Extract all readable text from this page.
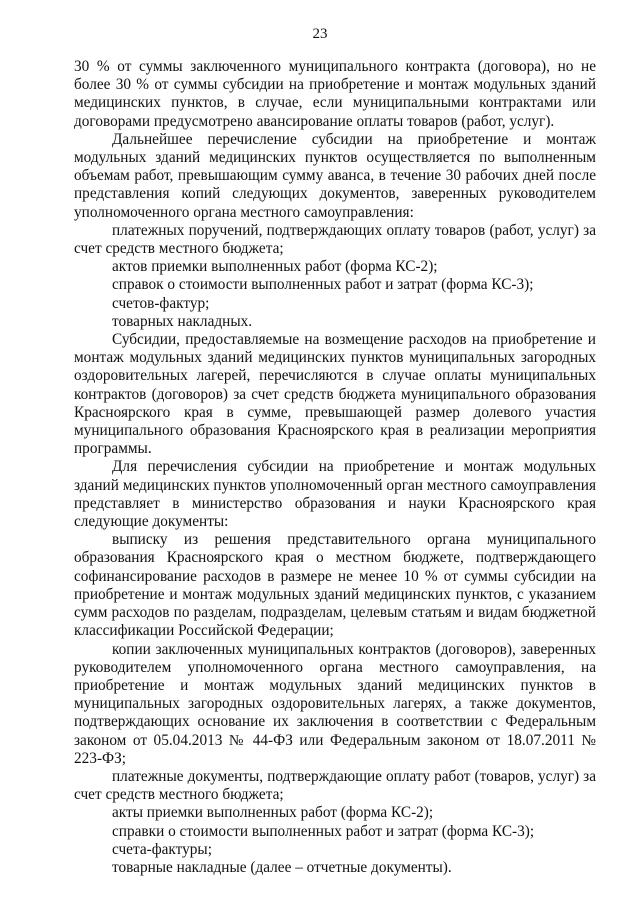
23

30 % от суммы заключенного муниципального контракта (договора), но не более 30 % от суммы субсидии на приобретение и монтаж модульных зданий медицинских пунктов, в случае, если муниципальными контрактами или договорами предусмотрено авансирование оплаты товаров (работ, услуг).

Дальнейшее перечисление субсидии на приобретение и монтаж модульных зданий медицинских пунктов осуществляется по выполненным объемам работ, превышающим сумму аванса, в течение 30 рабочих дней после представления копий следующих документов, заверенных руководителем уполномоченного органа местного самоуправления:

платежных поручений, подтверждающих оплату товаров (работ, услуг) за счет средств местного бюджета;

актов приемки выполненных работ (форма КС-2);

справок о стоимости выполненных работ и затрат (форма КС-3);

счетов-фактур;

товарных накладных.

Субсидии, предоставляемые на возмещение расходов на приобретение и монтаж модульных зданий медицинских пунктов муниципальных загородных оздоровительных лагерей, перечисляются в случае оплаты муниципальных контрактов (договоров) за счет средств бюджета муниципального образования Красноярского края в сумме, превышающей размер долевого участия муниципального образования Красноярского края в реализации мероприятия программы.

Для перечисления субсидии на приобретение и монтаж модульных зданий медицинских пунктов уполномоченный орган местного самоуправления представляет в министерство образования и науки Красноярского края следующие документы:

выписку из решения представительного органа муниципального образования Красноярского края о местном бюджете, подтверждающего софинансирование расходов в размере не менее 10 % от суммы субсидии на приобретение и монтаж модульных зданий медицинских пунктов, с указанием сумм расходов по разделам, подразделам, целевым статьям и видам бюджетной классификации Российской Федерации;

копии заключенных муниципальных контрактов (договоров), заверенных руководителем уполномоченного органа местного самоуправления, на приобретение и монтаж модульных зданий медицинских пунктов в муниципальных загородных оздоровительных лагерях, а также документов, подтверждающих основание их заключения в соответствии с Федеральным законом от 05.04.2013 № 44-ФЗ или Федеральным законом от 18.07.2011 № 223-ФЗ;

платежные документы, подтверждающие оплату работ (товаров, услуг) за счет средств местного бюджета;

акты приемки выполненных работ (форма КС-2);

справки о стоимости выполненных работ и затрат (форма КС-3);

счета-фактуры;

товарные накладные (далее – отчетные документы).
